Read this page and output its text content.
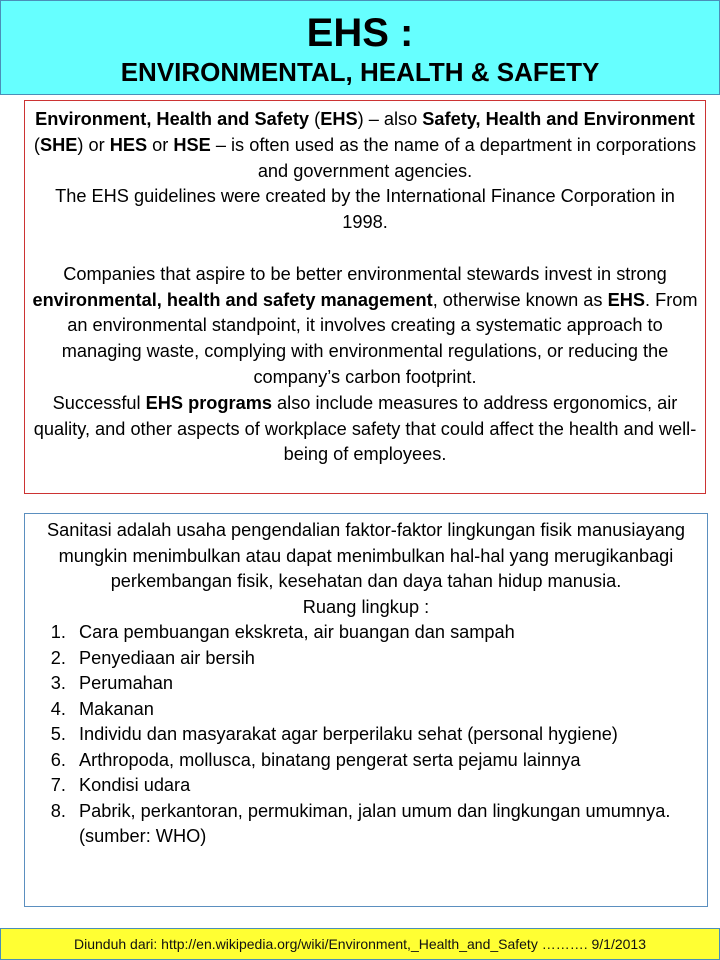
EHS :
ENVIRONMENTAL, HEALTH & SAFETY

Environment, Health and Safety (EHS) – also Safety, Health and Environment (SHE) or HES or HSE – is often used as the name of a department in corporations and government agencies.

The EHS guidelines were created by the International Finance Corporation in 1998.

Companies that aspire to be better environmental stewards invest in strong environmental, health and safety management, otherwise known as EHS. From an environmental standpoint, it involves creating a systematic approach to managing waste, complying with environmental regulations, or reducing the company’s carbon footprint.

Successful EHS programs also include measures to address ergonomics, air quality, and other aspects of workplace safety that could affect the health and well-being of employees.

Sanitasi adalah usaha pengendalian faktor-faktor lingkungan fisik manusiayang mungkin menimbulkan atau dapat menimbulkan hal-hal yang merugikanbagi perkembangan fisik, kesehatan dan daya tahan hidup manusia.

Ruang lingkup :

1. Cara pembuangan ekskreta, air buangan dan sampah
2. Penyediaan air bersih
3. Perumahan
4. Makanan
5. Individu dan masyarakat agar berperilaku sehat (personal hygiene)
6. Arthropoda, mollusca, binatang pengerat serta pejamu lainnya
7. Kondisi udara
8. Pabrik, perkantoran, permukiman, jalan umum dan lingkungan umumnya. (sumber: WHO)
Diunduh dari: http://en.wikipedia.org/wiki/Environment,_Health_and_Safety ………. 9/1/2013
